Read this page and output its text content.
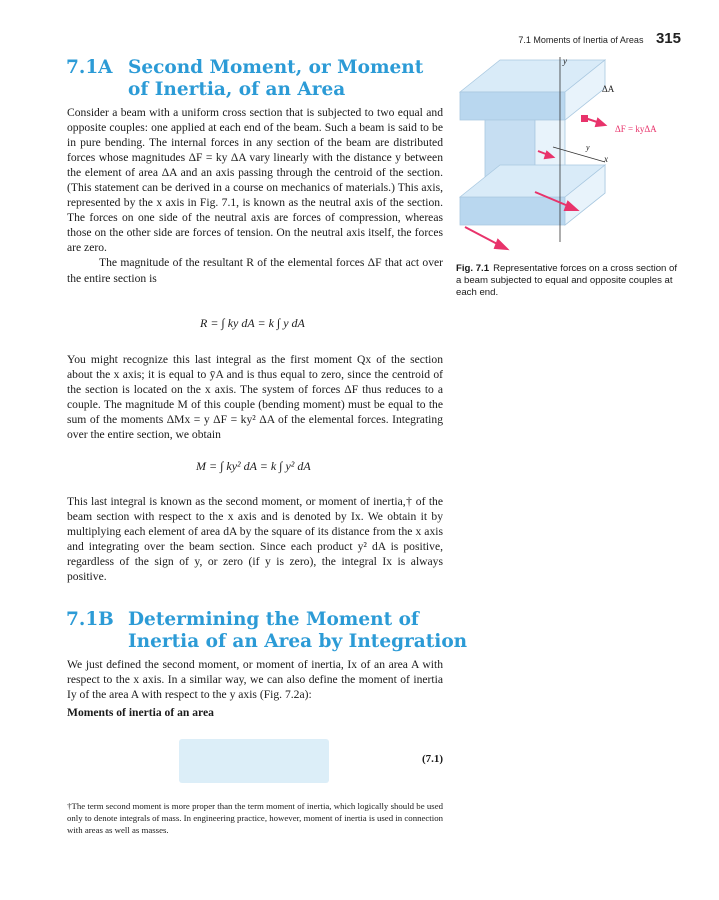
7.1 Moments of Inertia of Areas 315
7.1A Second Moment, or Moment
of Inertia, of an Area

Consider a beam with a uniform cross section that is subjected to two equal and opposite couples: one applied at each end of the beam. Such a beam is said to be in pure bending. The internal forces in any section of the beam are distributed forces whose magnitudes ΔF = ky ΔA vary linearly with the distance y between the element of area ΔA and an axis passing through the centroid of the section. (This statement can be derived in a course on mechanics of materials.) This axis, represented by the x axis in Fig. 7.1, is known as the neutral axis of the section. The forces on one side of the neutral axis are forces of compression, whereas those on the other side are forces of tension. On the neutral axis itself, the forces are zero.

The magnitude of the resultant R of the elemental forces ΔF that act over the entire section is

R = ∫ ky dA = k ∫ y dA

You might recognize this last integral as the first moment Qx of the section about the x axis; it is equal to ȳA and is thus equal to zero, since the centroid of the section is located on the x axis. The system of forces ΔF thus reduces to a couple. The magnitude M of this couple (bending moment) must be equal to the sum of the moments ΔMx = y ΔF = ky² ΔA of the elemental forces. Integrating over the entire section, we obtain

M = ∫ ky² dA = k ∫ y² dA

This last integral is known as the second moment, or moment of inertia,† of the beam section with respect to the x axis and is denoted by Ix. We obtain it by multiplying each element of area dA by the square of its distance from the x axis and integrating over the beam section. Since each product y² dA is positive, regardless of the sign of y, or zero (if y is zero), the integral Ix is always positive.

7.1B Determining the Moment of
Inertia of an Area by Integration

We just defined the second moment, or moment of inertia, Ix of an area A with respect to the x axis. In a similar way, we can also define the moment of inertia Iy of the area A with respect to the y axis (Fig. 7.2a):

Moments of inertia of an area

(7.1)

†The term second moment is more proper than the term moment of inertia, which logically should be used only to denote integrals of mass. In engineering practice, however, moment of inertia is used in connection with areas as well as masses.

y
ΔA
ΔF = kyΔA
y
x
Fig. 7.1 Representative forces on a cross section of a beam subjected to equal and opposite couples at each end.
